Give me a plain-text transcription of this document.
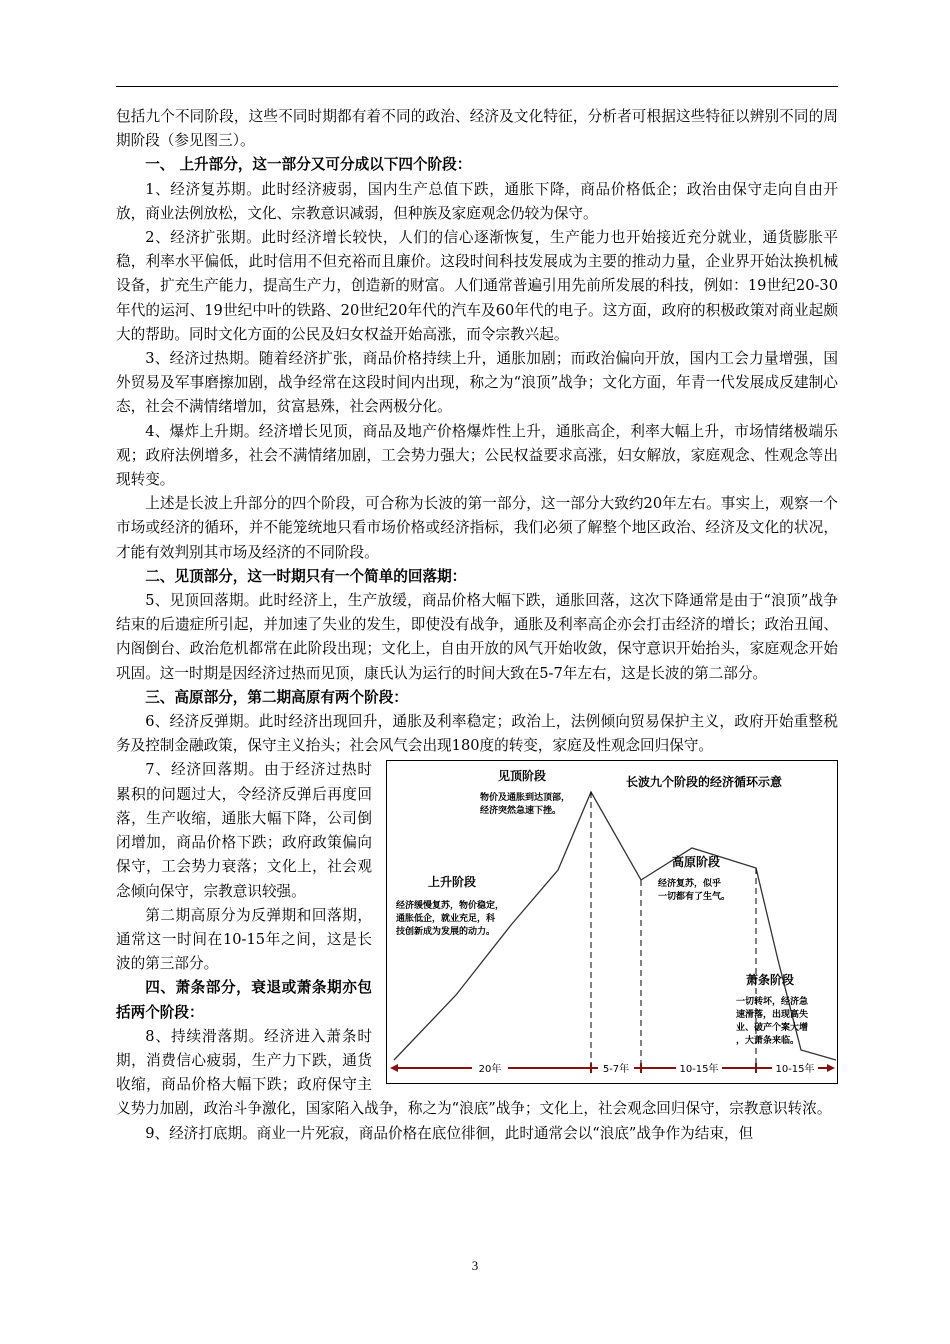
包括九个不同阶段，这些不同时期都有着不同的政治、经济及文化特征，分析者可根据这些特征以辨别不同的周期阶段（参见图三）。

一、 上升部分，这一部分又可分成以下四个阶段：

1、经济复苏期。此时经济疲弱，国内生产总值下跌，通胀下降，商品价格低企；政治由保守走向自由开放，商业法例放松，文化、宗教意识减弱，但种族及家庭观念仍较为保守。

2、经济扩张期。此时经济增长较快，人们的信心逐渐恢复，生产能力也开始接近充分就业，通货膨胀平稳，利率水平偏低，此时信用不但充裕而且廉价。这段时间科技发展成为主要的推动力量，企业界开始汰换机械设备，扩充生产能力，提高生产力，创造新的财富。人们通常普遍引用先前所发展的科技，例如：19世纪20-30年代的运河、19世纪中叶的铁路、20世纪20年代的汽车及60年代的电子。这方面，政府的积极政策对商业起颇大的帮助。同时文化方面的公民及妇女权益开始高涨，而令宗教兴起。

3、经济过热期。随着经济扩张，商品价格持续上升，通胀加剧；而政治偏向开放，国内工会力量增强，国外贸易及军事磨擦加剧，战争经常在这段时间内出现，称之为“浪顶”战争；文化方面，年青一代发展成反建制心态，社会不满情绪增加，贫富悬殊，社会两极分化。

4、爆炸上升期。经济增长见顶，商品及地产价格爆炸性上升，通胀高企，利率大幅上升，市场情绪极端乐观；政府法例增多，社会不满情绪加剧，工会势力强大；公民权益要求高涨，妇女解放，家庭观念、性观念等出现转变。

上述是长波上升部分的四个阶段，可合称为长波的第一部分，这一部分大致约20年左右。事实上，观察一个市场或经济的循环，并不能笼统地只看市场价格或经济指标，我们必须了解整个地区政治、经济及文化的状况，才能有效判别其市场及经济的不同阶段。

二、见顶部分，这一时期只有一个简单的回落期：

5、见顶回落期。此时经济上，生产放缓，商品价格大幅下跌，通胀回落，这次下降通常是由于“浪顶”战争结束的后遗症所引起，并加速了失业的发生，即使没有战争，通胀及利率高企亦会打击经济的增长；政治丑闻、内阁倒台、政治危机都常在此阶段出现；文化上，自由开放的风气开始收敛，保守意识开始抬头，家庭观念开始巩固。这一时期是因经济过热而见顶，康氏认为运行的时间大致在5-7年左右，这是长波的第二部分。

三、高原部分，第二期高原有两个阶段：

6、经济反弹期。此时经济出现回升，通胀及利率稳定；政治上，法例倾向贸易保护主义，政府开始重整税务及控制金融政策，保守主义抬头；社会风气会出现180度的转变，家庭及性观念回归保守。

20年	5-7年	10-15年	10-15年
长波九个阶段的经济循环示意
见顶阶段
物价及通胀到达顶部，
经济突然急速下挫。
上升阶段
经济缓慢复苏，物价稳定，
通胀低企，就业充足，科
技创新成为发展的动力。
高原阶段
经济复苏，似乎
一切都有了生气。
萧条阶段
一切转坏，经济急
速滑落，出现高失
业、破产个案大增
，大萧条来临。

7、经济回落期。由于经济过热时累积的问题过大，令经济反弹后再度回落，生产收缩，通胀大幅下降，公司倒闭增加，商品价格下跌；政府政策偏向保守，工会势力衰落；文化上，社会观念倾向保守，宗教意识较强。

第二期高原分为反弹期和回落期，通常这一时间在10-15年之间，这是长波的第三部分。

四、萧条部分，衰退或萧条期亦包括两个阶段：

8、持续滑落期。经济进入萧条时期，消费信心疲弱，生产力下跌，通货收缩，商品价格大幅下跌；政府保守主义势力加剧，政治斗争激化，国家陷入战争，称之为“浪底”战争；文化上，社会观念回归保守，宗教意识转浓。

9、经济打底期。商业一片死寂，商品价格在底位徘徊，此时通常会以“浪底”战争作为结束，但

3
